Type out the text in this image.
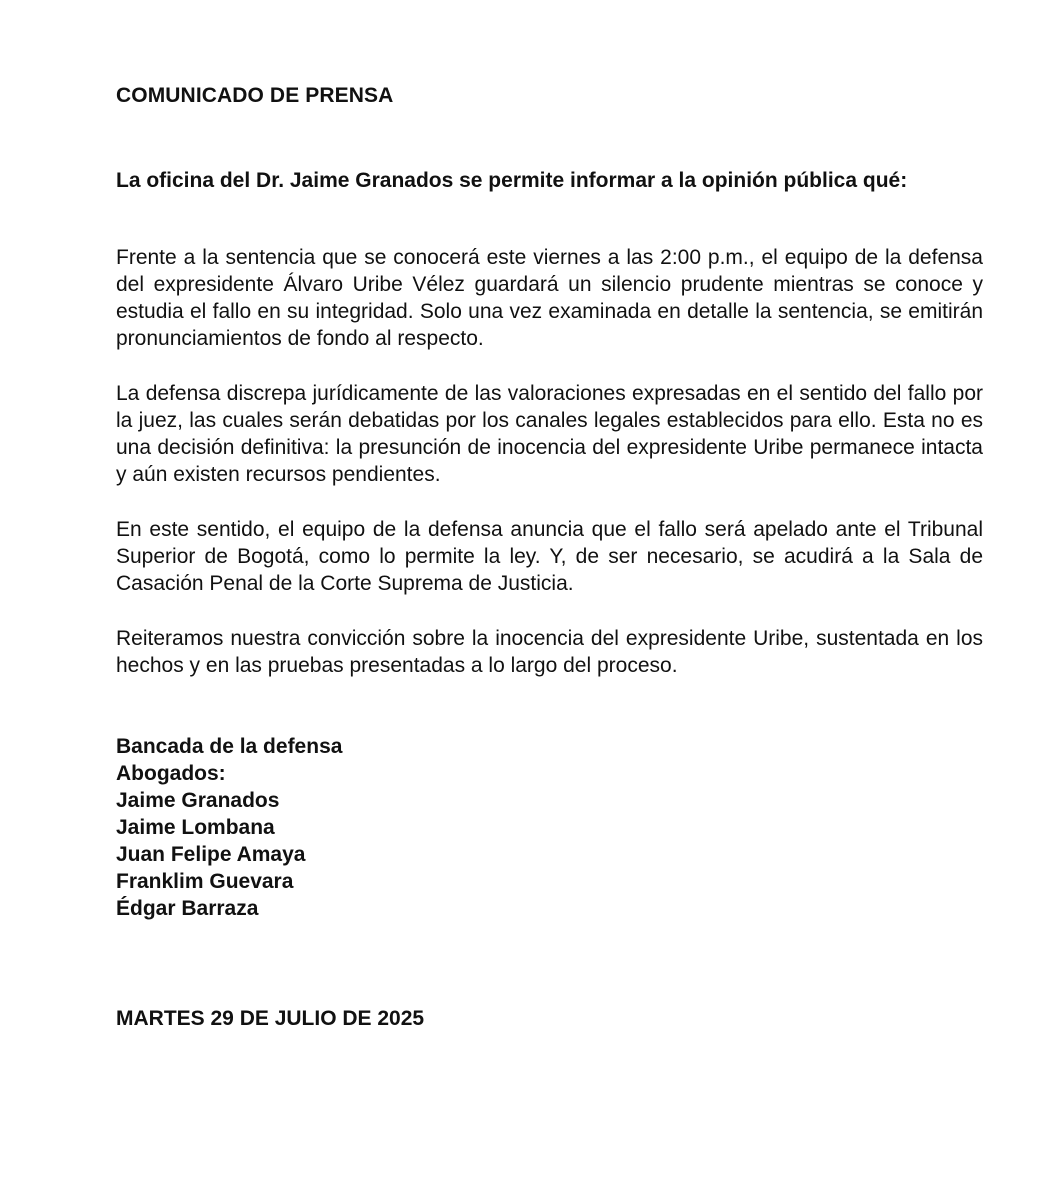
COMUNICADO DE PRENSA

La oficina del Dr. Jaime Granados se permite informar a la opinión pública qué:

Frente a la sentencia que se conocerá este viernes a las 2:00 p.m., el equipo de la defensa del expresidente Álvaro Uribe Vélez guardará un silencio prudente mientras se conoce y estudia el fallo en su integridad. Solo una vez examinada en detalle la sentencia, se emitirán pronunciamientos de fondo al respecto.

La defensa discrepa jurídicamente de las valoraciones expresadas en el sentido del fallo por la juez, las cuales serán debatidas por los canales legales establecidos para ello. Esta no es una decisión definitiva: la presunción de inocencia del expresidente Uribe permanece intacta y aún existen recursos pendientes.

En este sentido, el equipo de la defensa anuncia que el fallo será apelado ante el Tribunal Superior de Bogotá, como lo permite la ley. Y, de ser necesario, se acudirá a la Sala de Casación Penal de la Corte Suprema de Justicia.

Reiteramos nuestra convicción sobre la inocencia del expresidente Uribe, sustentada en los hechos y en las pruebas presentadas a lo largo del proceso.

Bancada de la defensa
Abogados:
Jaime Granados
Jaime Lombana
Juan Felipe Amaya
Franklim Guevara
Édgar Barraza

MARTES 29 DE JULIO DE 2025
